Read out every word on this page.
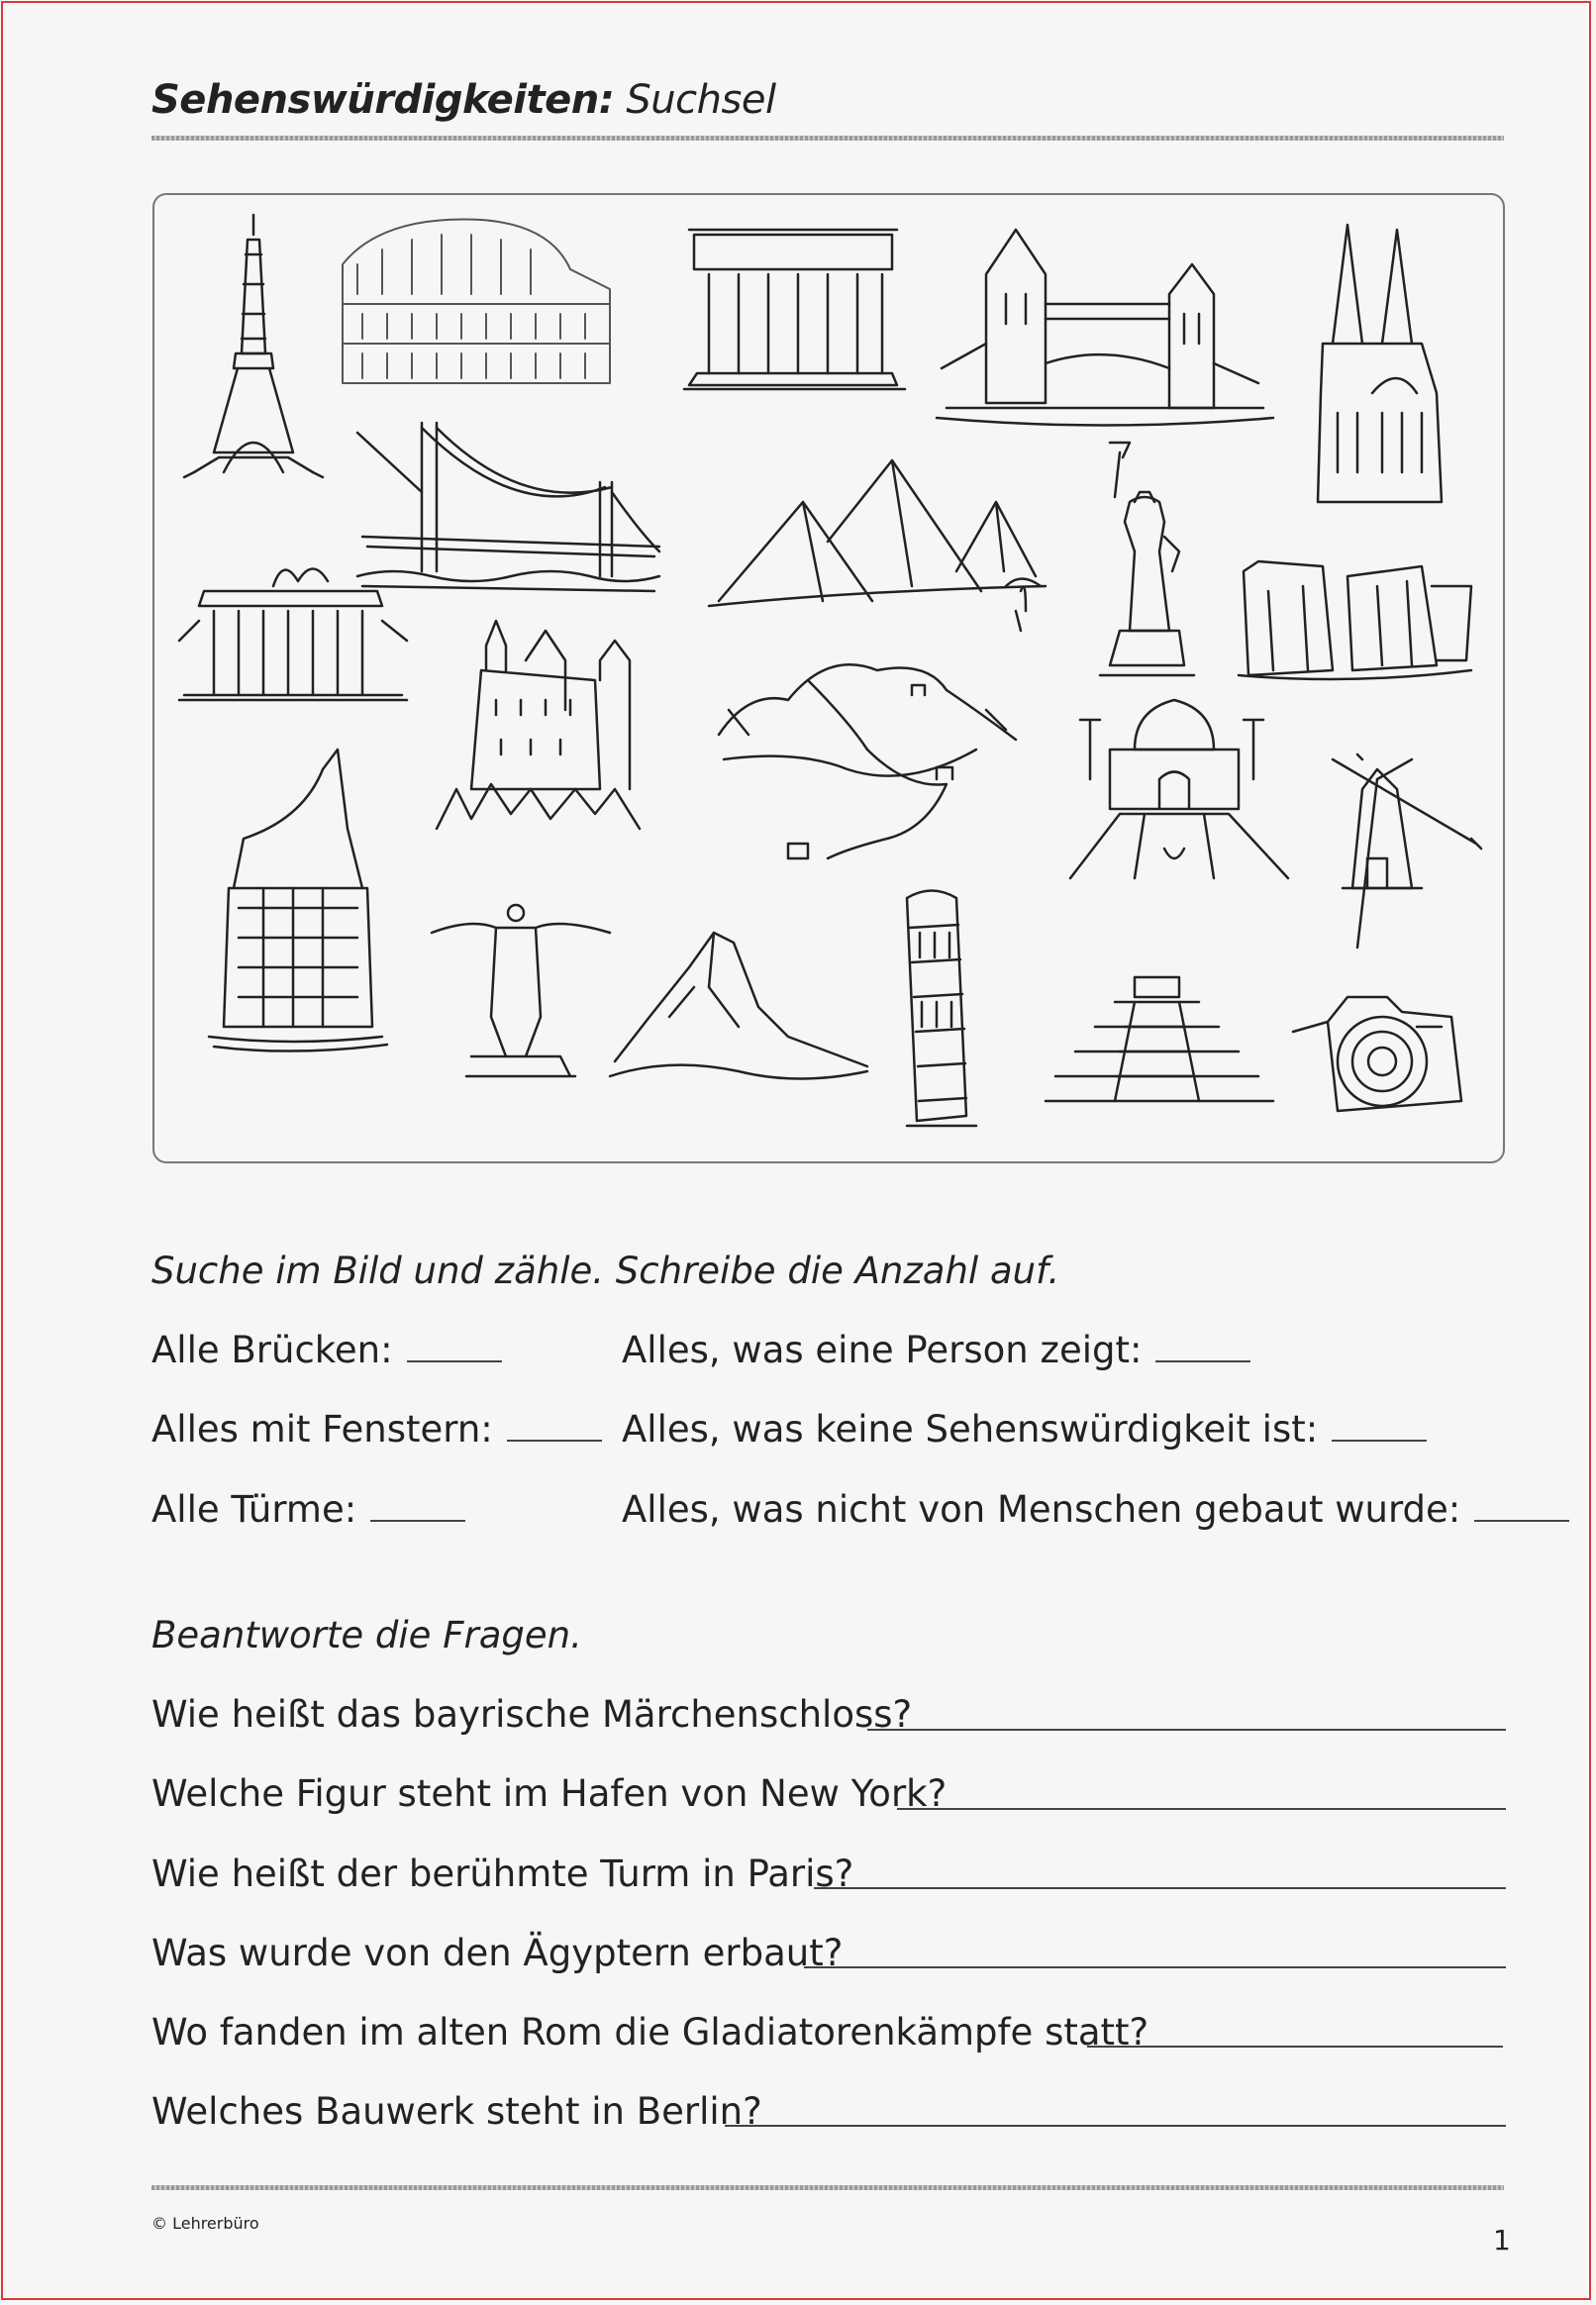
Sehenswürdigkeiten: Suchsel
Suche im Bild und zähle. Schreibe die Anzahl auf.
Alle Brücken:
Alles mit Fenstern:
Alle Türme:
Alles, was eine Person zeigt:
Alles, was keine Sehenswürdigkeit ist:
Alles, was nicht von Menschen gebaut wurde:
Beantworte die Fragen.
Wie heißt das bayrische Märchenschloss?
Welche Figur steht im Hafen von New York?
Wie heißt der berühmte Turm in Paris?
Was wurde von den Ägyptern erbaut?
Wo fanden im alten Rom die Gladiatorenkämpfe statt?
Welches Bauwerk steht in Berlin?
© Lehrerbüro
1
